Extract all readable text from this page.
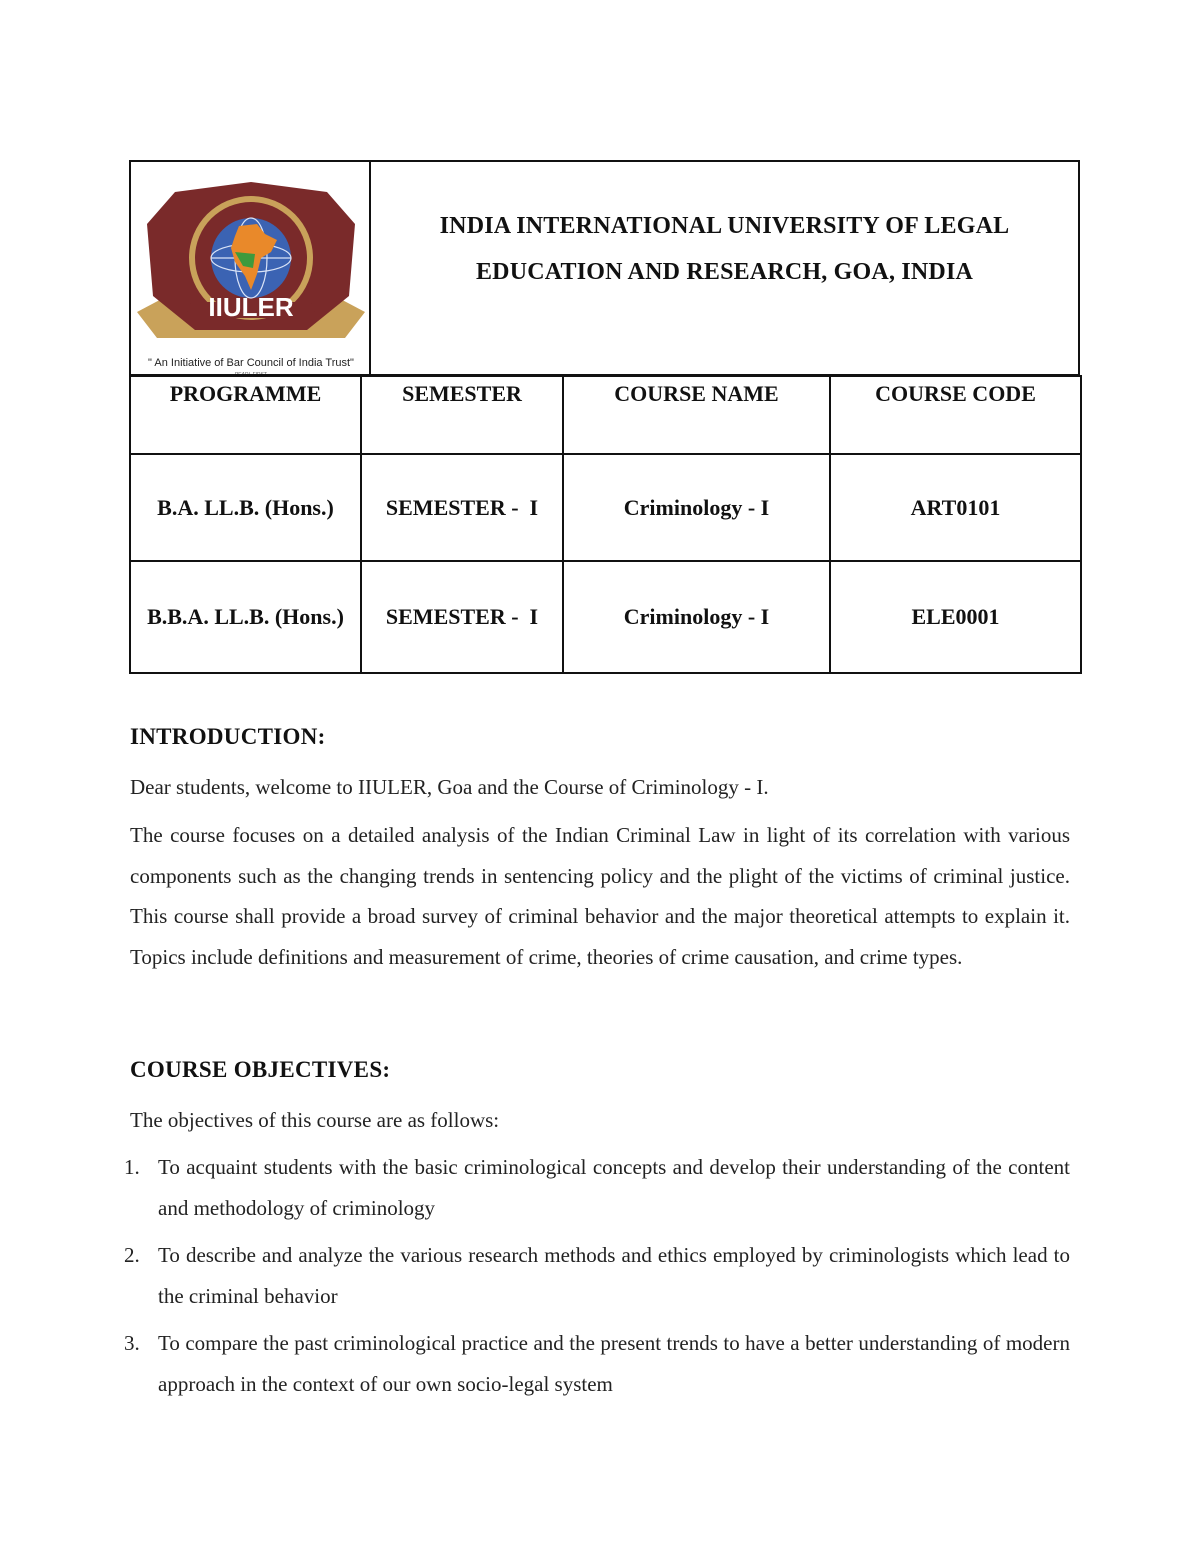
IIULER
" An Initiative of Bar Council of India Trust"
PEARL FIRST
INDIA INTERNATIONAL UNIVERSITY OF LEGAL
EDUCATION AND RESEARCH, GOA, INDIA
PROGRAMME	SEMESTER	COURSE NAME	COURSE CODE
B.A. LL.B. (Hons.)	SEMESTER -  I	Criminology - I	ART0101
B.B.A. LL.B. (Hons.)	SEMESTER -  I	Criminology - I	ELE0001
INTRODUCTION:
Dear students, welcome to IIULER, Goa and the Course of Criminology - I.
The course focuses on a detailed analysis of the Indian Criminal Law in light of its correlation with various components such as the changing trends in sentencing policy and the plight of the victims of criminal justice. This course shall provide a broad survey of criminal behavior and the major theoretical attempts to explain it. Topics include definitions and measurement of crime, theories of crime causation, and crime types.
COURSE OBJECTIVES:
The objectives of this course are as follows:
1. To acquaint students with the basic criminological concepts and develop their understanding of the content and methodology of criminology
2. To describe and analyze the various research methods and ethics employed by criminologists which lead to the criminal behavior
3. To compare the past criminological practice and the present trends to have a better understanding of modern approach in the context of our own socio-legal system
